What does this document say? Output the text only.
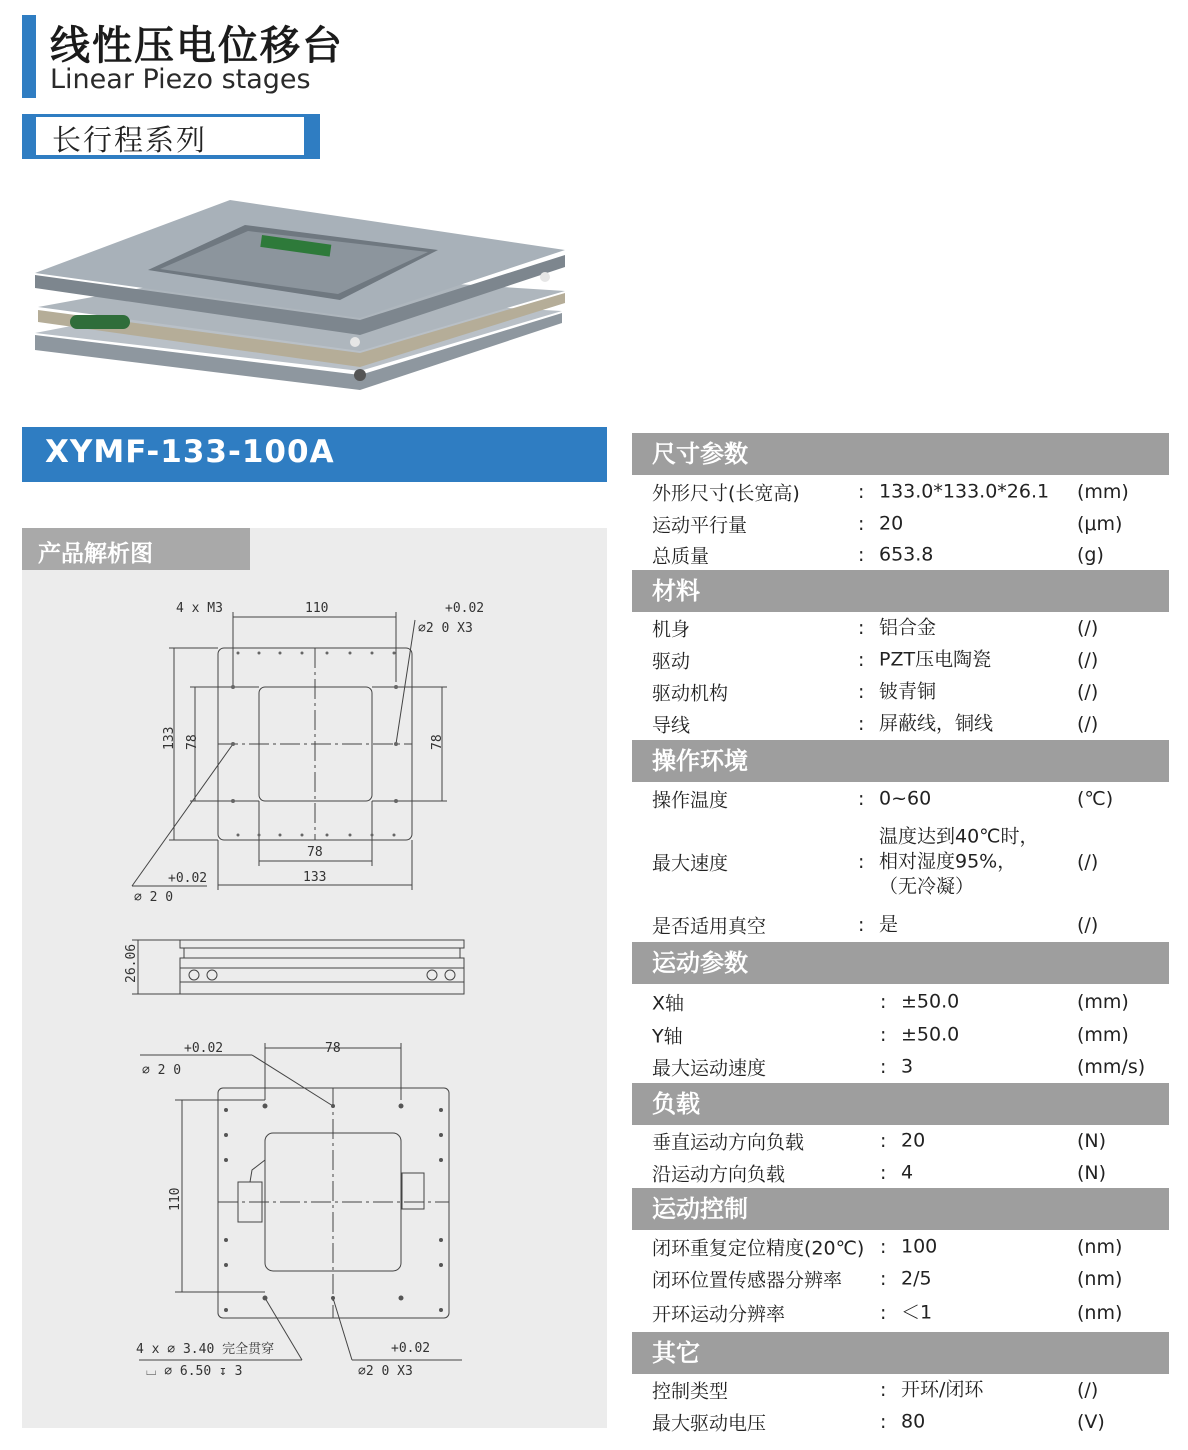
线性压电位移台
Linear Piezo stages
长行程系列
XYMF-133-100A
产品解析图
4 x M3	110	+0.02
∅2 0 X3
133 78	78
78
133
+0.02
∅ 2 0
26.06
+0.02
∅ 2 0
78
110
4 x ∅ 3.40 完全贯穿
⌴ ∅ 6.50 ↧ 3
+0.02
∅2 0 X3
尺寸参数
外形尺寸(长宽高)	: 133.0*133.0*26.1 (mm)
运动平行量	: 20	(μm)
总质量	: 653.8	(g)
材料
机身	: 铝合金	(/)
驱动	: PZT压电陶瓷	(/)
驱动机构	: 铍青铜	(/)
导线	: 屏蔽线，铜线	(/)
操作环境
操作温度	: 0~60	(℃)
最大速度	:
温度达到40℃时，
相对湿度95%，
（无冷凝）
(/)
是否适用真空	: 是	(/)
运动参数
X轴	: ±50.0	(mm)
Y轴	: ±50.0	(mm)
最大运动速度	: 3	(mm/s)
负载
垂直运动方向负载	: 20	(N)
沿运动方向负载	: 4	(N)
运动控制
闭环重复定位精度(20℃) : 100	(nm)
闭环位置传感器分辨率 : 2/5	(nm)
开环运动分辨率	: ＜1	(nm)
其它
控制类型	: 开环/闭环	(/)
最大驱动电压	: 80	(V)
